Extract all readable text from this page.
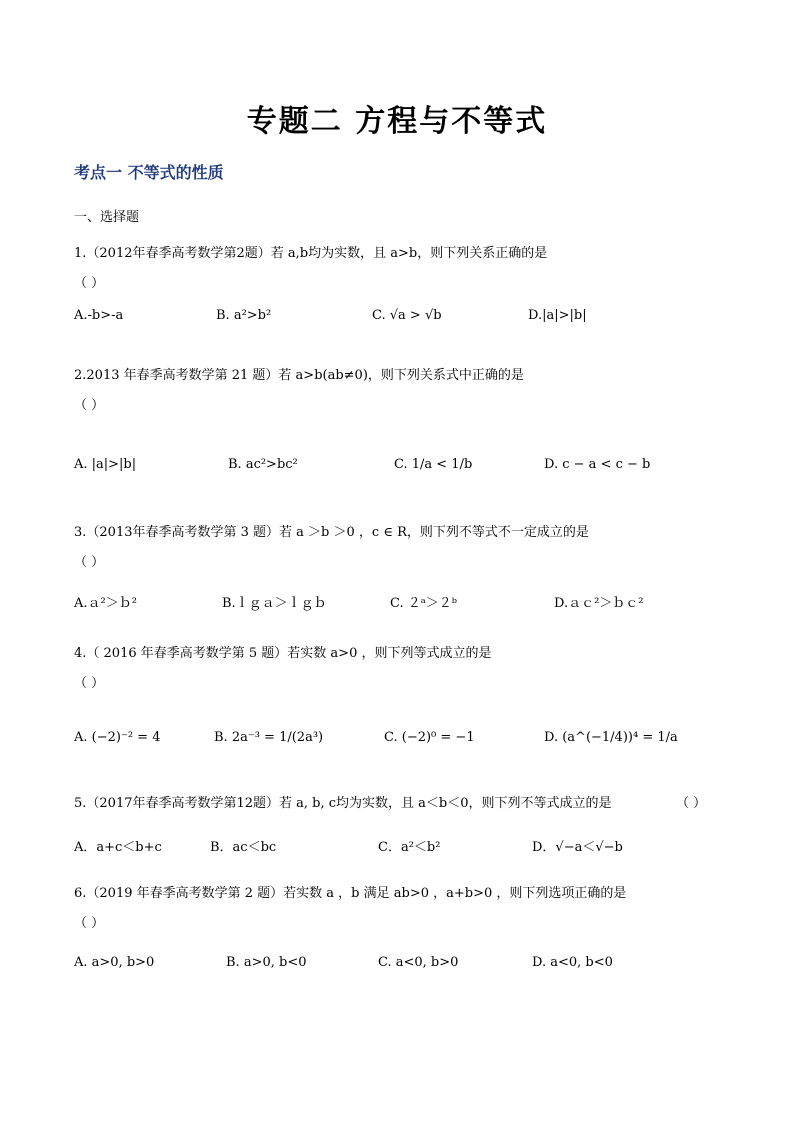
专题二 方程与不等式
考点一 不等式的性质
一、选择题
1.（2012年春季高考数学第2题）若 a,b均为实数，且 a>b，则下列关系正确的是
（ ）
A.-b>-a	B. a²>b²	C. √a > √b	D.|a|>|b|
2.2013 年春季高考数学第 21 题）若 a>b(ab≠0)，则下列关系式中正确的是
（ ）
A. |a|>|b|	B. ac²>bc²	C. 1/a < 1/b	D. c − a < c − b
3.（2013年春季高考数学第 3 题）若 a ＞b ＞0 ，c ∈ R，则下列不等式不一定成立的是
（ ）
A.ａ²＞ｂ²	B.ｌｇａ＞ｌｇｂ	C. ２ᵃ＞２ᵇ	D.ａｃ²＞ｂｃ²
4.（ 2016 年春季高考数学第 5 题）若实数 a>0 ，则下列等式成立的是
（ ）
A. (−2)⁻² = 4	B. 2a⁻³ = 1/(2a³)	C. (−2)⁰ = −1	D. (a^(−1/4))⁴ = 1/a
5.（2017年春季高考数学第12题）若 a, b, c均为实数，且 a＜b＜0，则下列不等式成立的是	（ ）
A．a+c＜b+c	B．ac＜bc	C．a²＜b²	D．√−a＜√−b
6.（2019 年春季高考数学第 2 题）若实数 a ，b 满足 ab>0 ，a+b>0 ，则下列选项正确的是
（ ）
A. a>0, b>0	B. a>0, b<0	C. a<0, b>0	D. a<0, b<0
